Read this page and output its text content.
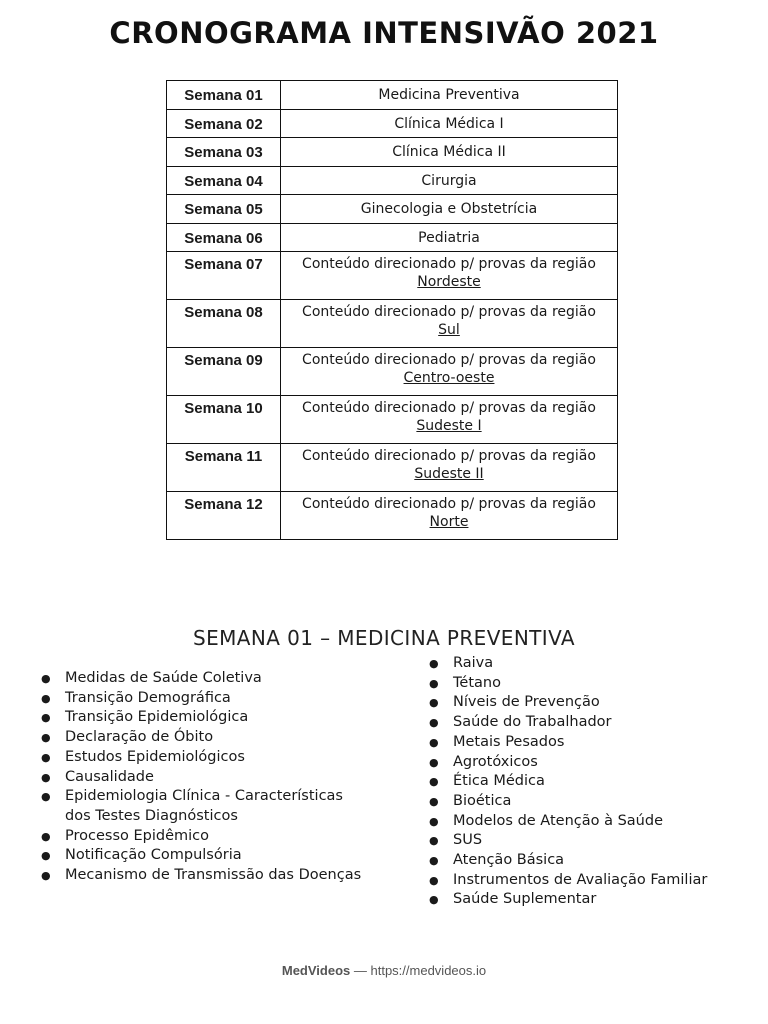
CRONOGRAMA INTENSIVÃO 2021
Semana 01	Medicina Preventiva
Semana 02	Clínica Médica I
Semana 03	Clínica Médica II
Semana 04	Cirurgia
Semana 05	Ginecologia e Obstetrícia
Semana 06	Pediatria
Semana 07	Conteúdo direcionado p/ provas da região
Nordeste

Semana 08	Conteúdo direcionado p/ provas da região
Sul

Semana 09	Conteúdo direcionado p/ provas da região
Centro-oeste

Semana 10	Conteúdo direcionado p/ provas da região
Sudeste I

Semana 11	Conteúdo direcionado p/ provas da região
Sudeste II

Semana 12	Conteúdo direcionado p/ provas da região
Norte
SEMANA 01 – MEDICINA PREVENTIVA
● Medidas de Saúde Coletiva
● Transição Demográfica
● Transição Epidemiológica
● Declaração de Óbito
● Estudos Epidemiológicos
● Causalidade
● Epidemiologia Clínica - Características dos Testes Diagnósticos
● Processo Epidêmico
● Notificação Compulsória
● Mecanismo de Transmissão das Doenças
● Raiva
● Tétano
● Níveis de Prevenção
● Saúde do Trabalhador
● Metais Pesados
● Agrotóxicos
● Ética Médica
● Bioética
● Modelos de Atenção à Saúde
● SUS
● Atenção Básica
● Instrumentos de Avaliação Familiar
● Saúde Suplementar
MedVideos — https://medvideos.io
